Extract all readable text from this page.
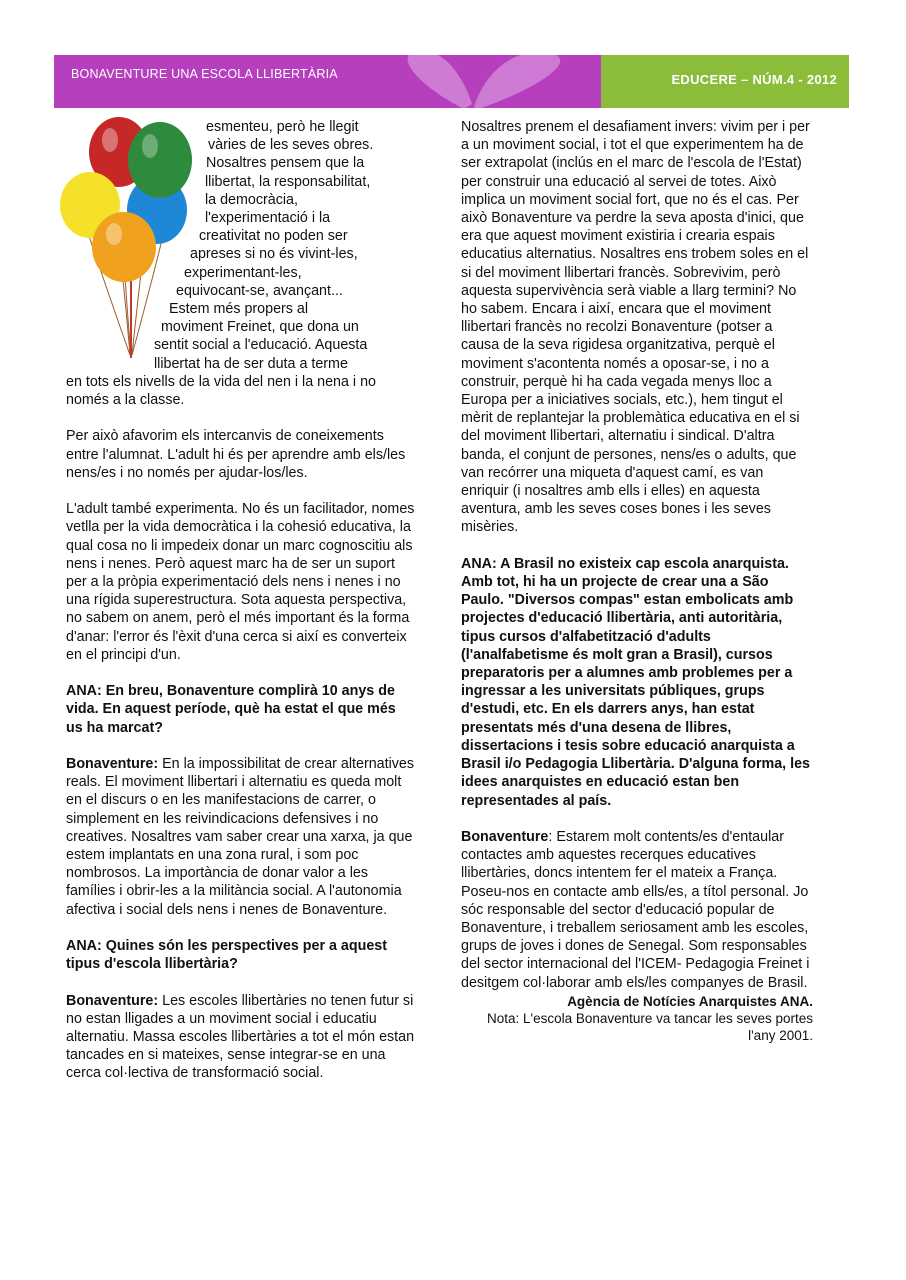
BONAVENTURE UNA ESCOLA LLIBERTÀRIA	EDUCERE – NÚM.4 - 2012
esmenteu, però he llegit
vàries de les seves obres.
Nosaltres pensem que la
llibertat, la responsabilitat,
la democràcia,
l'experimentació i la
creativitat no poden ser
apreses si no és vivint-les,
experimentant-les,
equivocant-se, avançant...
Estem més propers al
moviment Freinet, que dona un
sentit social a l'educació. Aquesta
llibertat ha de ser duta a terme

en tots els nivells de la vida del nen i la nena i no només a la classe.

Per això afavorim els intercanvis de coneixements entre l'alumnat. L'adult hi és per aprendre amb els/les nens/es i no només per ajudar-los/les.

L'adult també experimenta. No és un facilitador, nomes vetlla per la vida democràtica i la cohesió educativa, la qual cosa no li impedeix donar un marc cognoscitiu als nens i nenes. Però aquest marc ha de ser un suport per a la pròpia experimentació dels nens i nenes i no una rígida superestructura. Sota aquesta perspectiva, no sabem on anem, però el més important és la forma d'anar: l'error és l'èxit d'una cerca si així es converteix en el principi d'un.

ANA: En breu, Bonaventure complirà 10 anys de vida. En aquest període, què ha estat el que més us ha marcat?

Bonaventure: En la impossibilitat de crear alternatives reals. El moviment llibertari i alternatiu es queda molt en el discurs o en les manifestacions de carrer, o simplement en les reivindicacions defensives i no creatives. Nosaltres vam saber crear una xarxa, ja que estem implantats en una zona rural, i som poc nombrosos. La importància de donar valor a les famílies i obrir-les a la militància social. A l'autonomia afectiva i social dels nens i nenes de Bonaventure.

ANA: Quines són les perspectives per a aquest tipus d'escola llibertària?

Bonaventure: Les escoles llibertàries no tenen futur si no estan lligades a un moviment social i educatiu alternatiu. Massa escoles llibertàries a tot el món estan tancades en si mateixes, sense integrar-se en una cerca col·lectiva de transformació social.

Nosaltres prenem el desafiament invers: vivim per i per a un moviment social, i tot el que experimentem ha de ser extrapolat (inclús en el marc de l'escola de l'Estat) per construir una educació al servei de totes. Això implica un moviment social fort, que no és el cas. Per això Bonaventure va perdre la seva aposta d'inici, que era que aquest moviment existiria i crearia espais educatius alternatius. Nosaltres ens trobem soles en el si del moviment llibertari francès. Sobrevivim, però aquesta supervivència serà viable a llarg termini? No ho sabem. Encara i així, encara que el moviment llibertari francès no recolzi Bonaventure (potser a causa de la seva rigidesa organitzativa, perquè el moviment s'acontenta només a oposar-se, i no a construir, perquè hi ha cada vegada menys lloc a Europa per a iniciatives socials, etc.), hem tingut el mèrit de replantejar la problemàtica educativa en el si del moviment llibertari, alternatiu i sindical. D'altra banda, el conjunt de persones, nens/es o adults, que van recórrer una miqueta d'aquest camí, es van enriquir (i nosaltres amb ells i elles) en aquesta aventura, amb les seves coses bones i les seves misèries.

ANA: A Brasil no existeix cap escola anarquista. Amb tot, hi ha un projecte de crear una a São Paulo. "Diversos compas" estan embolicats amb projectes d'educació llibertària, anti autoritària, tipus cursos d'alfabetització d'adults (l'analfabetisme és molt gran a Brasil), cursos preparatoris per a alumnes amb problemes per a ingressar a les universitats públiques, grups d'estudi, etc. En els darrers anys, han estat presentats més d'una desena de llibres, dissertacions i tesis sobre educació anarquista a Brasil i/o Pedagogia Llibertària. D'alguna forma, les idees anarquistes en educació estan ben representades al país.

Bonaventure: Estarem molt contents/es d'entaular contactes amb aquestes recerques educatives llibertàries, doncs intentem fer el mateix a França. Poseu-nos en contacte amb ells/es, a títol personal. Jo sóc responsable del sector d'educació popular de Bonaventure, i treballem seriosament amb les escoles, grups de joves i dones de Senegal. Som responsables del sector internacional del l'ICEM- Pedagogia Freinet i desitgem col·laborar amb els/les companyes de Brasil.

Agència de Notícies Anarquistes ANA.

Nota: L'escola Bonaventure va tancar les seves portes l'any 2001.
